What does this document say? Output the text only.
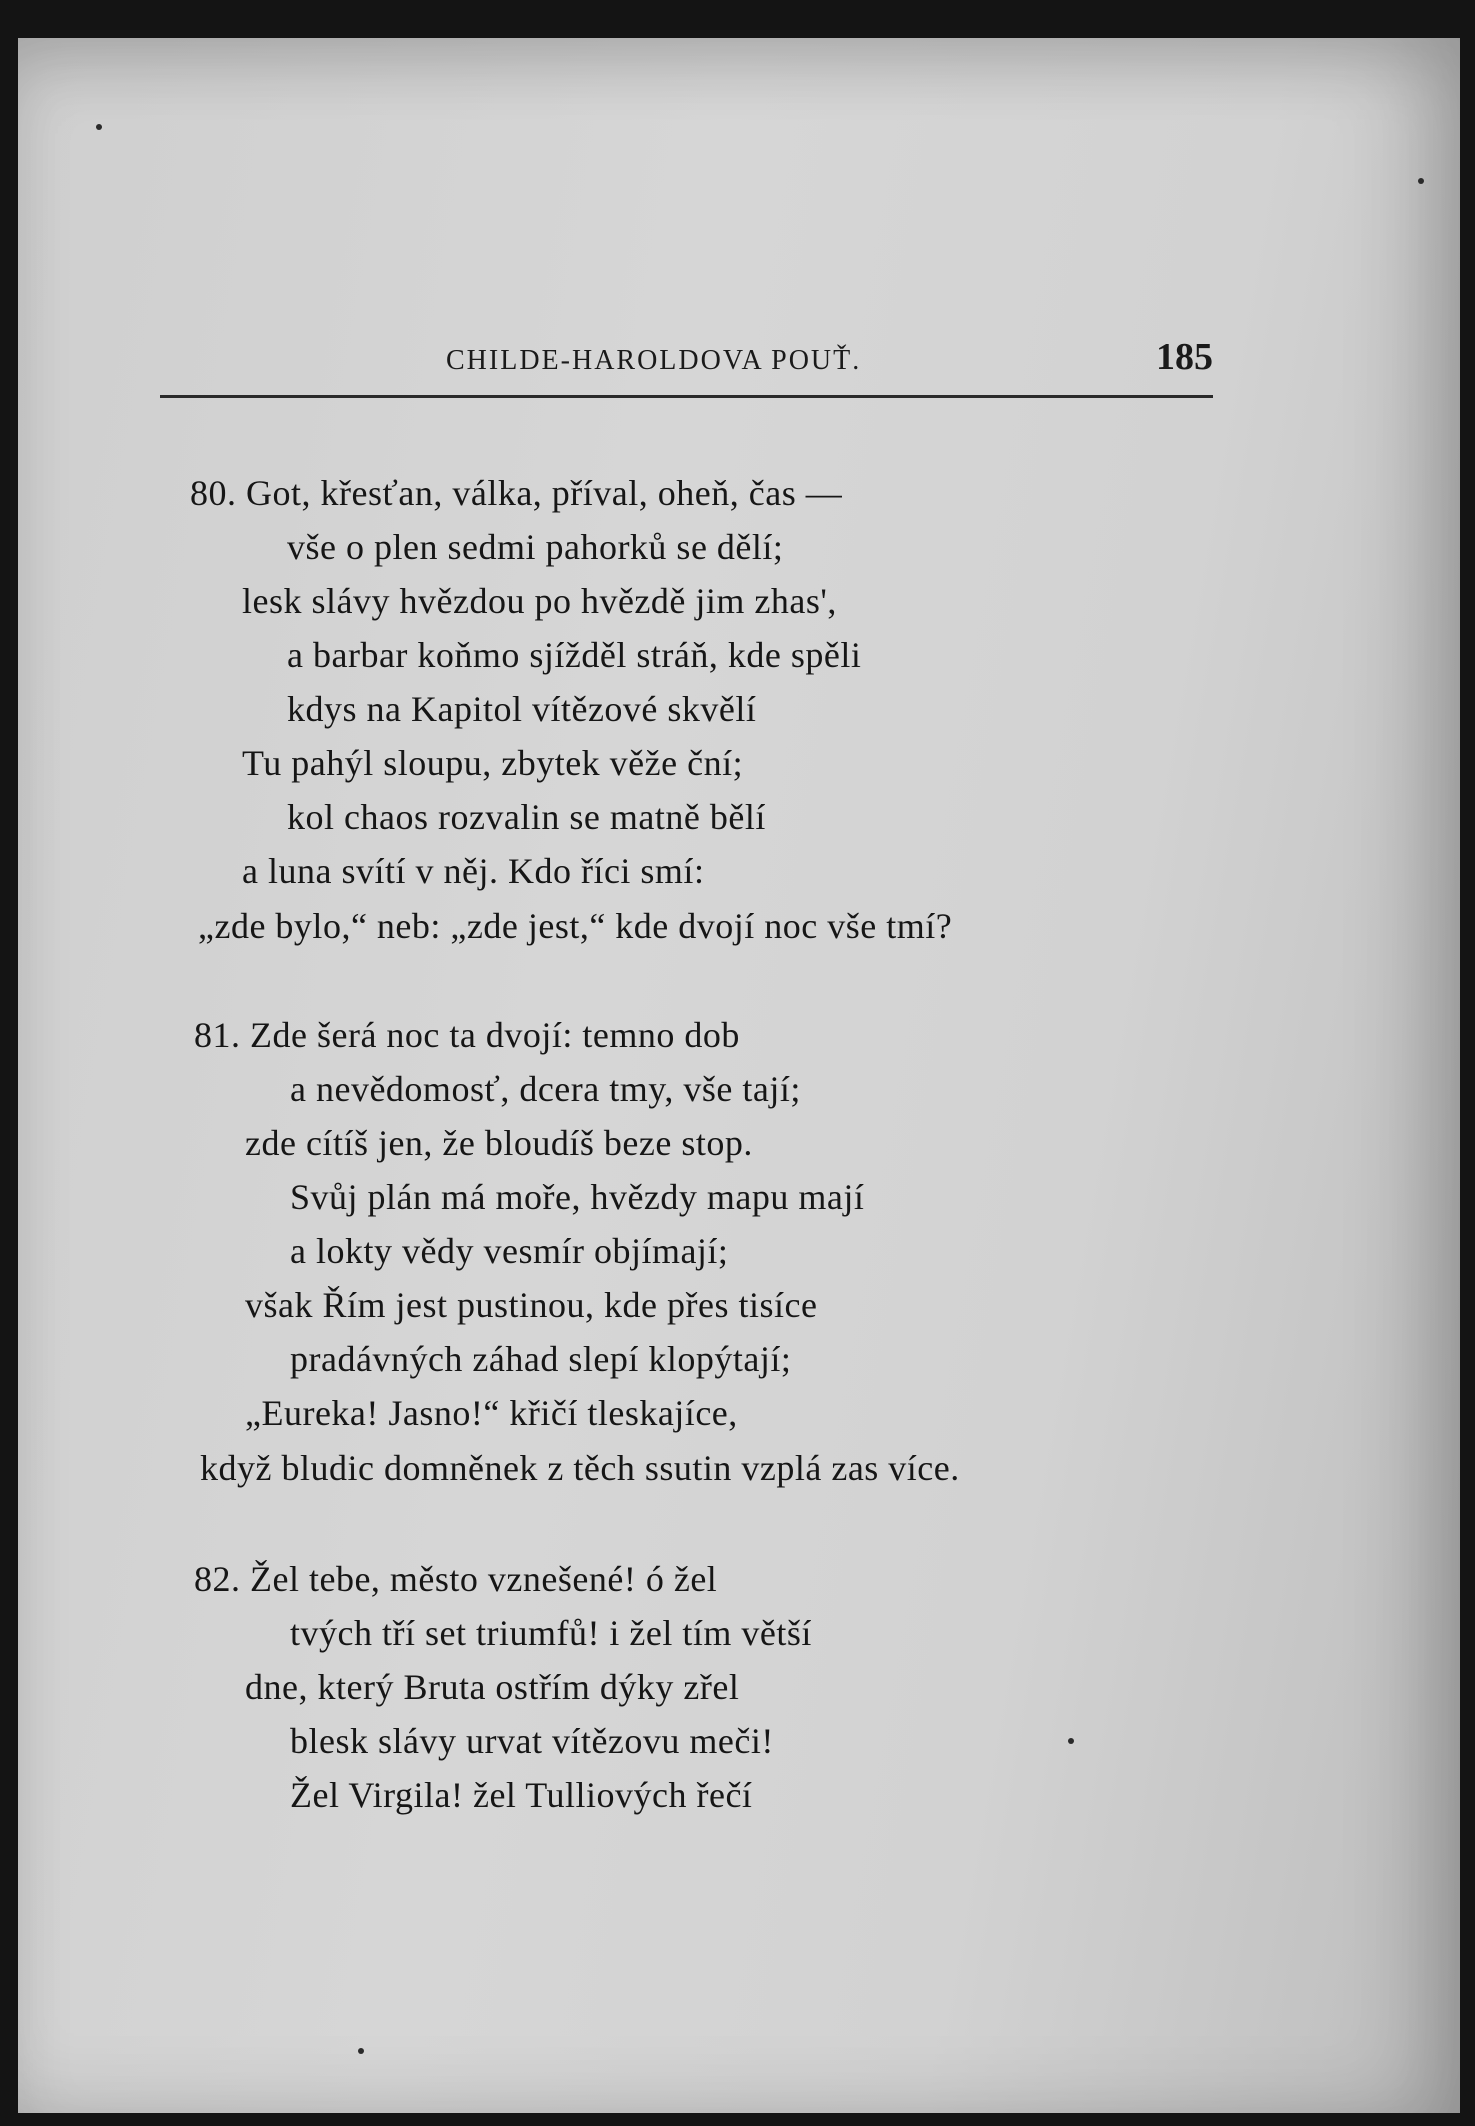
CHILDE-HAROLDOVA POUŤ.	185
80. Got, křesťan, válka, příval, oheň, čas —
vše o plen sedmi pahorků se dělí;
lesk slávy hvězdou po hvězdě jim zhas',
a barbar koňmo sjížděl stráň, kde spěli
kdys na Kapitol vítězové skvělí
Tu pahýl sloupu, zbytek věže ční;
kol chaos rozvalin se matně bělí
a luna svítí v něj. Kdo říci smí:
„zde bylo,“ neb: „zde jest,“ kde dvojí noc vše tmí?
81. Zde šerá noc ta dvojí: temno dob
a nevědomosť, dcera tmy, vše tají;
zde cítíš jen, že bloudíš beze stop.
Svůj plán má moře, hvězdy mapu mají
a lokty vědy vesmír objímají;
však Řím jest pustinou, kde přes tisíce
pradávných záhad slepí klopýtají;
„Eureka! Jasno!“ křičí tleskajíce,
když bludic domněnek z těch ssutin vzplá zas více.
82. Žel tebe, město vznešené! ó žel
tvých tří set triumfů! i žel tím větší
dne, který Bruta ostřím dýky zřel
blesk slávy urvat vítězovu meči!
Žel Virgila! žel Tulliových řečí
